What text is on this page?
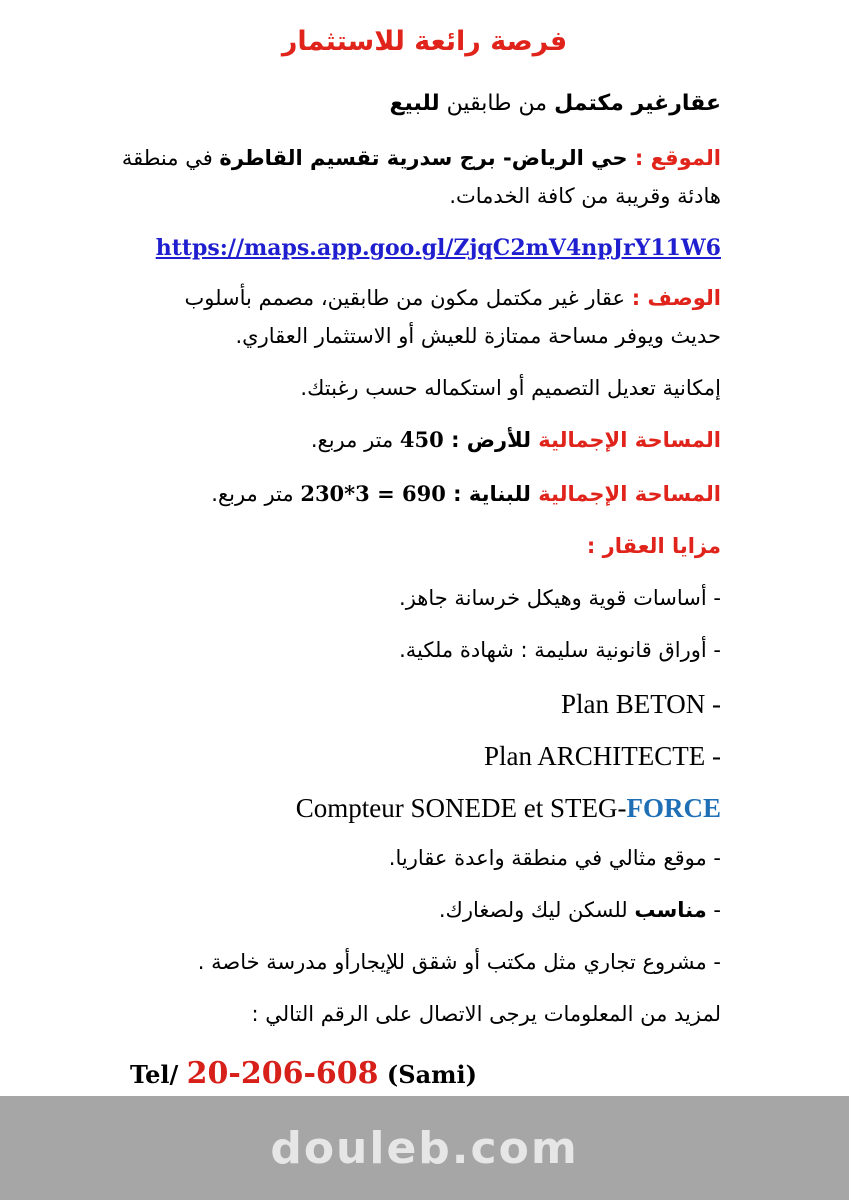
فرصة رائعة للاستثمار
عقارغير مكتمل من طابقين للبيع
الموقع : حي الرياض- برج سدرية تقسيم القاطرة في منطقة
هادئة وقريبة من كافة الخدمات.
https://maps.app.goo.gl/ZjqC2mV4npJrY11W6
الوصف : عقار غير مكتمل مكون من طابقين، مصمم بأسلوب
حديث ويوفر مساحة ممتازة للعيش أو الاستثمار العقاري.
إمكانية تعديل التصميم أو استكماله حسب رغبتك.
المساحة الإجمالية للأرض : 450 متر مربع.
المساحة الإجمالية للبناية : 230*3 = 690 متر مربع.
مزايا العقار :
- أساسات قوية وهيكل خرسانة جاهز.
- أوراق قانونية سليمة : شهادة ملكية.
Plan BETON -
Plan ARCHITECTE -
Compteur SONEDE et STEG-FORCE
- موقع مثالي في منطقة واعدة عقاريا.
- مناسب للسكن ليك ولصغارك.
- مشروع تجاري مثل مكتب أو شقق للإيجارأو مدرسة خاصة .
لمزيد من المعلومات يرجى الاتصال على الرقم التالي :
Tel/ 20-206-608 (Sami)
douleb.com
